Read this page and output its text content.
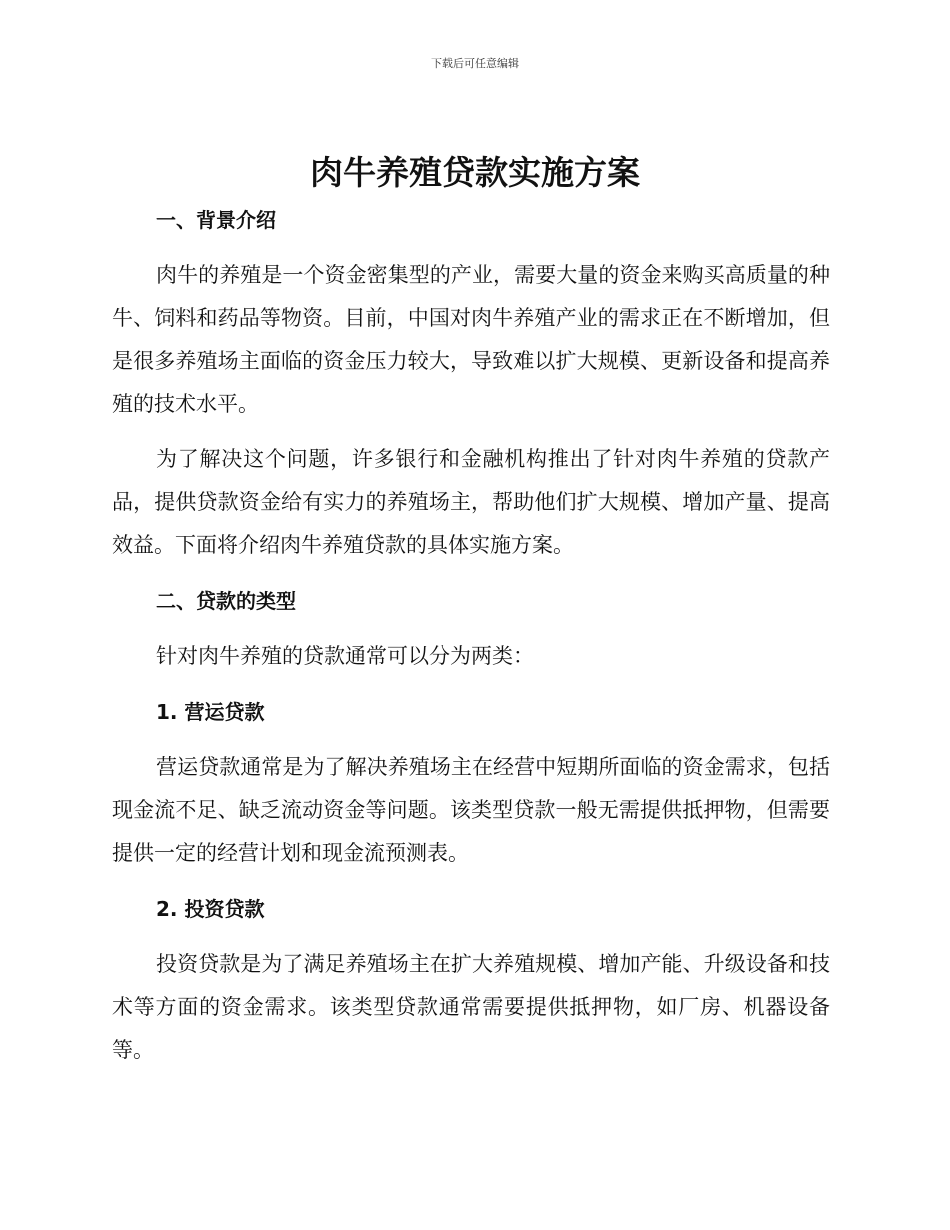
下载后可任意编辑
肉牛养殖贷款实施方案
一、背景介绍

肉牛的养殖是一个资金密集型的产业，需要大量的资金来购买高质量的种牛、饲料和药品等物资。目前，中国对肉牛养殖产业的需求正在不断增加，但是很多养殖场主面临的资金压力较大，导致难以扩大规模、更新设备和提高养殖的技术水平。

为了解决这个问题，许多银行和金融机构推出了针对肉牛养殖的贷款产品，提供贷款资金给有实力的养殖场主，帮助他们扩大规模、增加产量、提高效益。下面将介绍肉牛养殖贷款的具体实施方案。

二、贷款的类型

针对肉牛养殖的贷款通常可以分为两类：

1. 营运贷款

营运贷款通常是为了解决养殖场主在经营中短期所面临的资金需求，包括现金流不足、缺乏流动资金等问题。该类型贷款一般无需提供抵押物，但需要提供一定的经营计划和现金流预测表。

2. 投资贷款

投资贷款是为了满足养殖场主在扩大养殖规模、增加产能、升级设备和技术等方面的资金需求。该类型贷款通常需要提供抵押物，如厂房、机器设备等。
